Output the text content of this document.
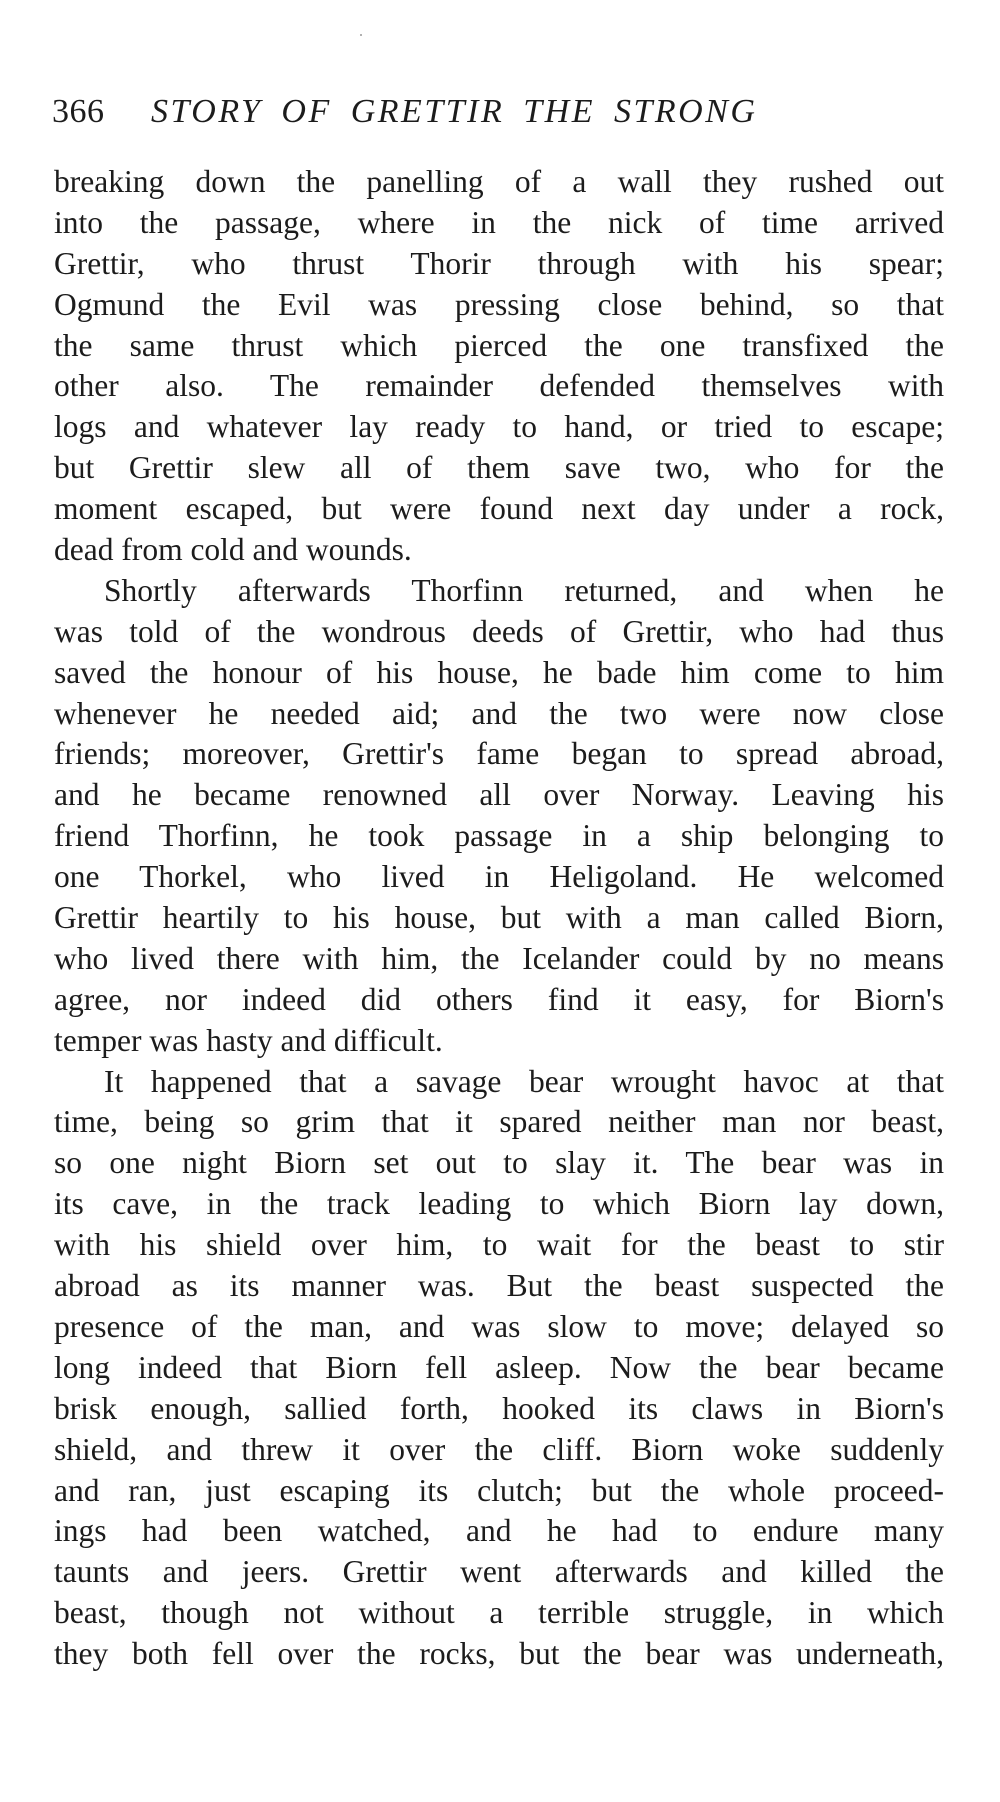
366 STORY OF GRETTIR THE STRONG
breaking down the panelling of a wall they rushed out
into the passage, where in the nick of time arrived
Grettir, who thrust Thorir through with his spear;
Ogmund the Evil was pressing close behind, so that
the same thrust which pierced the one transfixed the
other also. The remainder defended themselves with
logs and whatever lay ready to hand, or tried to escape;
but Grettir slew all of them save two, who for the
moment escaped, but were found next day under a rock,
dead from cold and wounds.
Shortly afterwards Thorfinn returned, and when he
was told of the wondrous deeds of Grettir, who had thus
saved the honour of his house, he bade him come to him
whenever he needed aid; and the two were now close
friends; moreover, Grettir's fame began to spread abroad,
and he became renowned all over Norway. Leaving his
friend Thorfinn, he took passage in a ship belonging to
one Thorkel, who lived in Heligoland. He welcomed
Grettir heartily to his house, but with a man called Biorn,
who lived there with him, the Icelander could by no means
agree, nor indeed did others find it easy, for Biorn's
temper was hasty and difficult.
It happened that a savage bear wrought havoc at that
time, being so grim that it spared neither man nor beast,
so one night Biorn set out to slay it. The bear was in
its cave, in the track leading to which Biorn lay down,
with his shield over him, to wait for the beast to stir
abroad as its manner was. But the beast suspected the
presence of the man, and was slow to move; delayed so
long indeed that Biorn fell asleep. Now the bear became
brisk enough, sallied forth, hooked its claws in Biorn's
shield, and threw it over the cliff. Biorn woke suddenly
and ran, just escaping its clutch; but the whole proceed-
ings had been watched, and he had to endure many
taunts and jeers. Grettir went afterwards and killed the
beast, though not without a terrible struggle, in which
they both fell over the rocks, but the bear was underneath,
